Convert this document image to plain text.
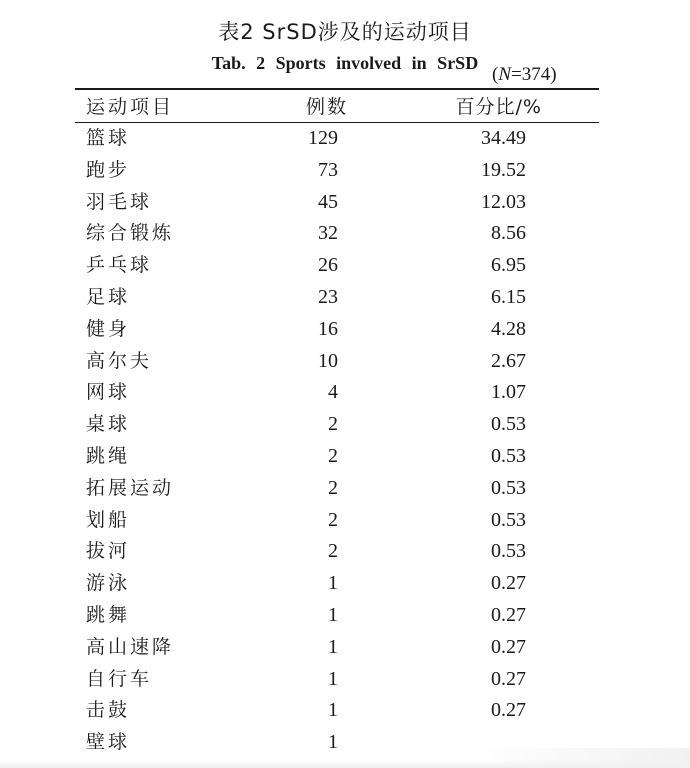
表2 SrSD涉及的运动项目
Tab. 2 Sports involved in SrSD
(N=374)
运动项目	例数	百分比/%
篮球	129	34.49
跑步	73	19.52
羽毛球	45	12.03
综合锻炼	32	8.56
乒乓球	26	6.95
足球	23	6.15
健身	16	4.28
高尔夫	10	2.67
网球	4	1.07
桌球	2	0.53
跳绳	2	0.53
拓展运动	2	0.53
划船	2	0.53
拔河	2	0.53
游泳	1	0.27
跳舞	1	0.27
高山速降	1	0.27
自行车	1	0.27
击鼓	1	0.27
壁球	1
